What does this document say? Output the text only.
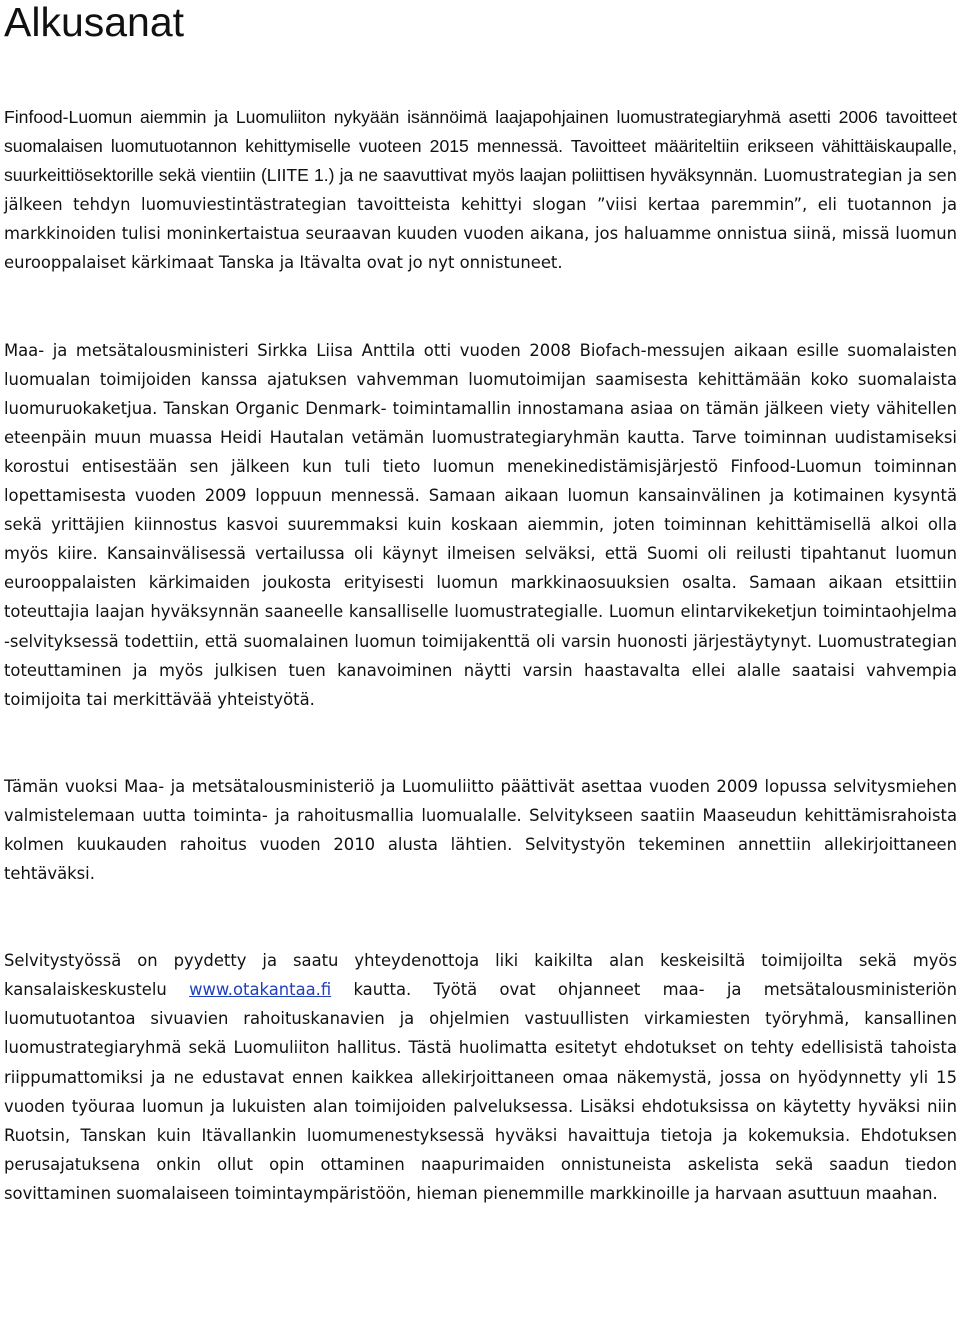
Alkusanat

Finfood-Luomun aiemmin ja Luomuliiton nykyään isännöimä laajapohjainen luomustrategiaryhmä asetti 2006 tavoitteet suomalaisen luomutuotannon kehittymiselle vuoteen 2015 mennessä. Tavoitteet määriteltiin erikseen vähittäiskaupalle, suurkeittiösektorille sekä vientiin (LIITE 1.) ja ne saavuttivat myös laajan poliittisen hyväksynnän. Luomustrategian ja sen jälkeen tehdyn luomuviestintästrategian tavoitteista kehittyi slogan ”viisi kertaa paremmin”, eli tuotannon ja markkinoiden tulisi moninkertaistua seuraavan kuuden vuoden aikana, jos haluamme onnistua siinä, missä luomun eurooppalaiset kärkimaat Tanska ja Itävalta ovat jo nyt onnistuneet.

Maa- ja metsätalousministeri Sirkka Liisa Anttila otti vuoden 2008 Biofach-messujen aikaan esille suomalaisten luomualan toimijoiden kanssa ajatuksen vahvemman luomutoimijan saamisesta kehittämään koko suomalaista luomuruokaketjua. Tanskan Organic Denmark- toimintamallin innostamana asiaa on tämän jälkeen viety vähitellen eteenpäin muun muassa Heidi Hautalan vetämän luomustrategiaryhmän kautta. Tarve toiminnan uudistamiseksi korostui entisestään sen jälkeen kun tuli tieto luomun menekinedistämisjärjestö Finfood-Luomun toiminnan lopettamisesta vuoden 2009 loppuun mennessä. Samaan aikaan luomun kansainvälinen ja kotimainen kysyntä sekä yrittäjien kiinnostus kasvoi suuremmaksi kuin koskaan aiemmin, joten toiminnan kehittämisellä alkoi olla myös kiire. Kansainvälisessä vertailussa oli käynyt ilmeisen selväksi, että Suomi oli reilusti tipahtanut luomun eurooppalaisten kärkimaiden joukosta erityisesti luomun markkinaosuuksien osalta. Samaan aikaan etsittiin toteuttajia laajan hyväksynnän saaneelle kansalliselle luomustrategialle. Luomun elintarvikeketjun toimintaohjelma -selvityksessä todettiin, että suomalainen luomun toimijakenttä oli varsin huonosti järjestäytynyt. Luomustrategian toteuttaminen ja myös julkisen tuen kanavoiminen näytti varsin haastavalta ellei alalle saataisi vahvempia toimijoita tai merkittävää yhteistyötä.

Tämän vuoksi Maa- ja metsätalousministeriö ja Luomuliitto päättivät asettaa vuoden 2009 lopussa selvitysmiehen valmistelemaan uutta toiminta- ja rahoitusmallia luomualalle. Selvitykseen saatiin Maaseudun kehittämisrahoista kolmen kuukauden rahoitus vuoden 2010 alusta lähtien. Selvitystyön tekeminen annettiin allekirjoittaneen tehtäväksi.

Selvitystyössä on pyydetty ja saatu yhteydenottoja liki kaikilta alan keskeisiltä toimijoilta sekä myös kansalaiskeskustelu www.otakantaa.fi kautta. Työtä ovat ohjanneet maa- ja metsätalousministeriön luomutuotantoa sivuavien rahoituskanavien ja ohjelmien vastuullisten virkamiesten työryhmä, kansallinen luomustrategiaryhmä sekä Luomuliiton hallitus. Tästä huolimatta esitetyt ehdotukset on tehty edellisistä tahoista riippumattomiksi ja ne edustavat ennen kaikkea allekirjoittaneen omaa näkemystä, jossa on hyödynnetty yli 15 vuoden työuraa luomun ja lukuisten alan toimijoiden palveluksessa. Lisäksi ehdotuksissa on käytetty hyväksi niin Ruotsin, Tanskan kuin Itävallankin luomumenestyksessä hyväksi havaittuja tietoja ja kokemuksia. Ehdotuksen perusajatuksena onkin ollut opin ottaminen naapurimaiden onnistuneista askelista sekä saadun tiedon sovittaminen suomalaiseen toimintaympäristöön, hieman pienemmille markkinoille ja harvaan asuttuun maahan.
